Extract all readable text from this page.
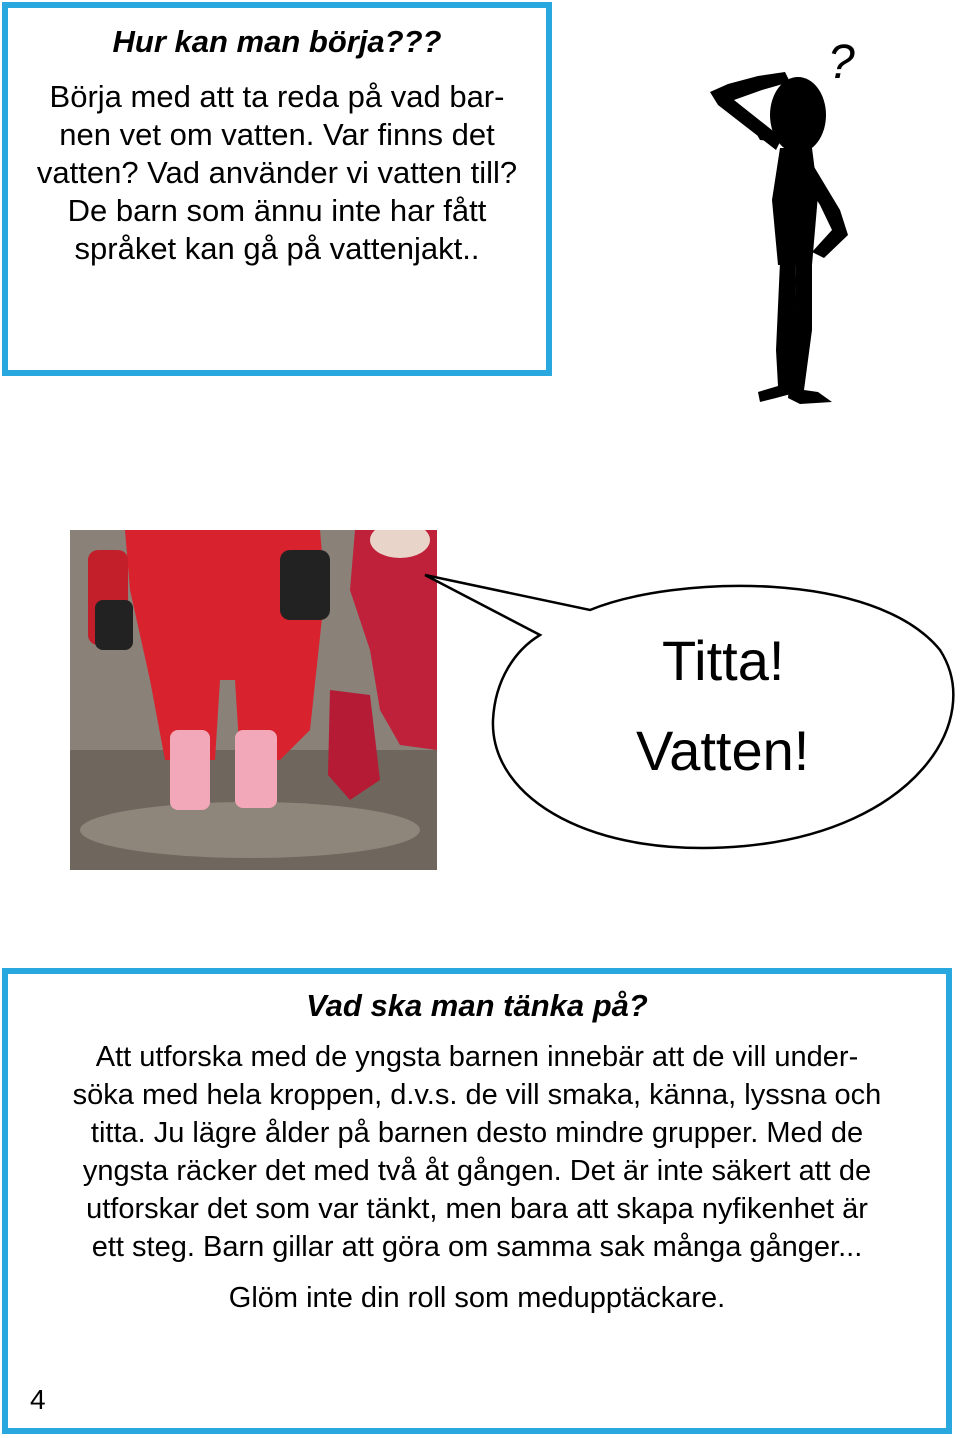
Hur kan man börja???

Börja med att ta reda på vad bar-

nen vet om vatten. Var finns det

vatten? Vad använder vi vatten till?

De barn som ännu inte har fått

språket kan gå på vattenjakt..

?
Titta!
Vatten!

Vad ska man tänka på?

Att utforska med de yngsta barnen innebär att de vill under-

söka med hela kroppen, d.v.s. de vill smaka, känna, lyssna och

titta. Ju lägre ålder på barnen desto mindre grupper. Med de

yngsta räcker det med två åt gången. Det är inte säkert att de

utforskar det som var tänkt, men bara att skapa nyfikenhet är

ett steg. Barn gillar att göra om samma sak många gånger...

Glöm inte din roll som medupptäckare.

4
